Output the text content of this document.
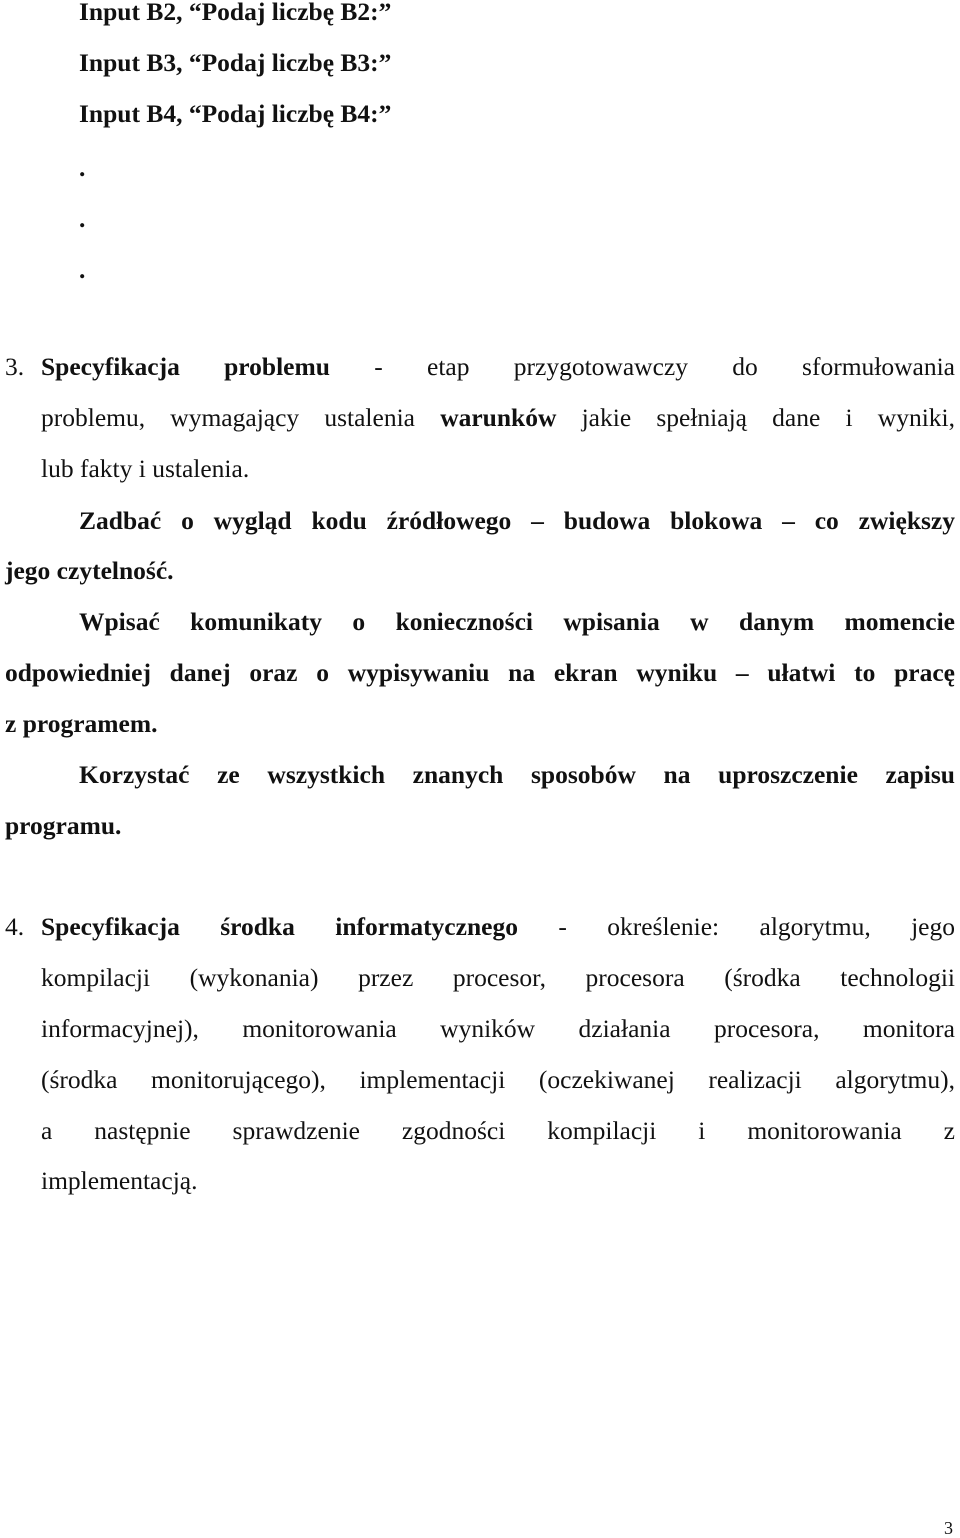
Input B2, “Podaj liczbę B2:”
Input B3, “Podaj liczbę B3:”
Input B4, “Podaj liczbę B4:”
.
.
.
3. Specyfikacja problemu - etap przygotowawczy do sformułowania
problemu, wymagający ustalenia warunków jakie spełniają dane i wyniki,
lub fakty i ustalenia.
Zadbać o wygląd kodu źródłowego – budowa blokowa – co zwiększy
jego czytelność.
Wpisać komunikaty o konieczności wpisania w danym momencie
odpowiedniej danej oraz o wypisywaniu na ekran wyniku – ułatwi to pracę
z programem.
Korzystać ze wszystkich znanych sposobów na uproszczenie zapisu
programu.
4. Specyfikacja środka informatycznego - określenie: algorytmu, jego
kompilacji (wykonania) przez procesor, procesora (środka technologii
informacyjnej), monitorowania wyników działania procesora, monitora
(środka monitorującego), implementacji (oczekiwanej realizacji algorytmu),
a następnie sprawdzenie zgodności kompilacji i monitorowania z
implementacją.
3
